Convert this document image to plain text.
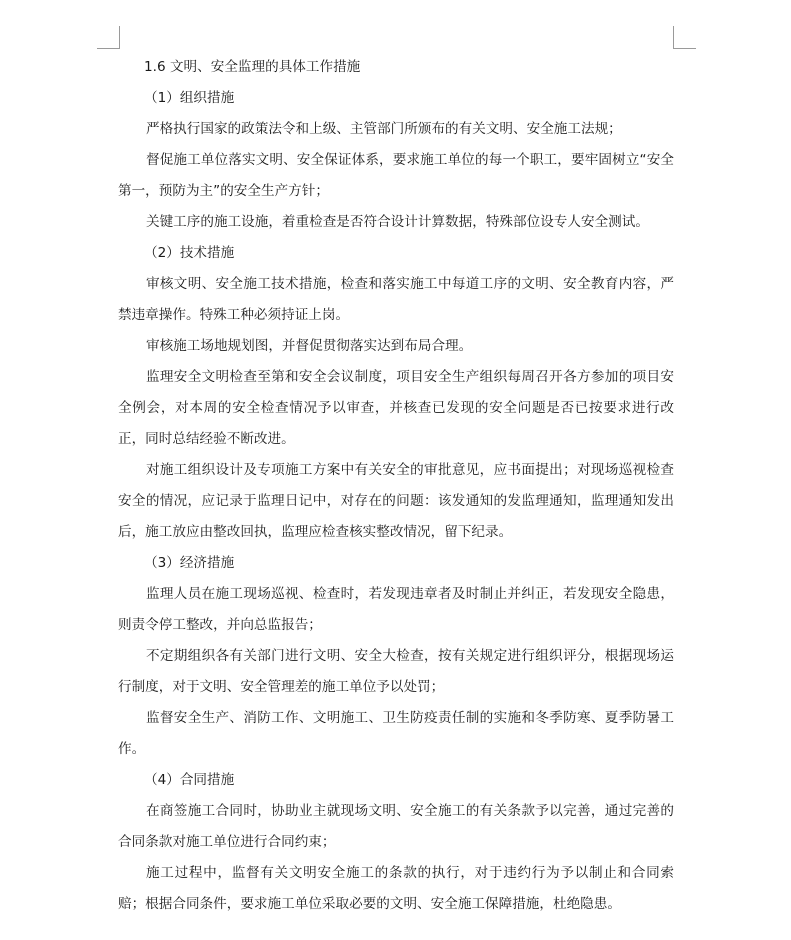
1.6 文明、安全监理的具体工作措施

（1）组织措施

严格执行国家的政策法令和上级、主管部门所颁布的有关文明、安全施工法规；

督促施工单位落实文明、安全保证体系，要求施工单位的每一个职工，要牢固树立“安全第一，预防为主”的安全生产方针；

关键工序的施工设施，着重检查是否符合设计计算数据，特殊部位设专人安全测试。

（2）技术措施

审核文明、安全施工技术措施，检查和落实施工中每道工序的文明、安全教育内容，严禁违章操作。特殊工种必须持证上岗。

审核施工场地规划图，并督促贯彻落实达到布局合理。

监理安全文明检查至第和安全会议制度，项目安全生产组织每周召开各方参加的项目安全例会，对本周的安全检查情况予以审查，并核查已发现的安全问题是否已按要求进行改正，同时总结经验不断改进。

对施工组织设计及专项施工方案中有关安全的审批意见，应书面提出；对现场巡视检查安全的情况，应记录于监理日记中，对存在的问题：该发通知的发监理通知，监理通知发出后，施工放应由整改回执，监理应检查核实整改情况，留下纪录。

（3）经济措施

监理人员在施工现场巡视、检查时，若发现违章者及时制止并纠正，若发现安全隐患，则责令停工整改，并向总监报告；

不定期组织各有关部门进行文明、安全大检查，按有关规定进行组织评分，根据现场运行制度，对于文明、安全管理差的施工单位予以处罚；

监督安全生产、消防工作、文明施工、卫生防疫责任制的实施和冬季防寒、夏季防暑工作。

（4）合同措施

在商签施工合同时，协助业主就现场文明、安全施工的有关条款予以完善，通过完善的合同条款对施工单位进行合同约束；

施工过程中，监督有关文明安全施工的条款的执行，对于违约行为予以制止和合同索赔；根据合同条件，要求施工单位采取必要的文明、安全施工保障措施，杜绝隐患。
